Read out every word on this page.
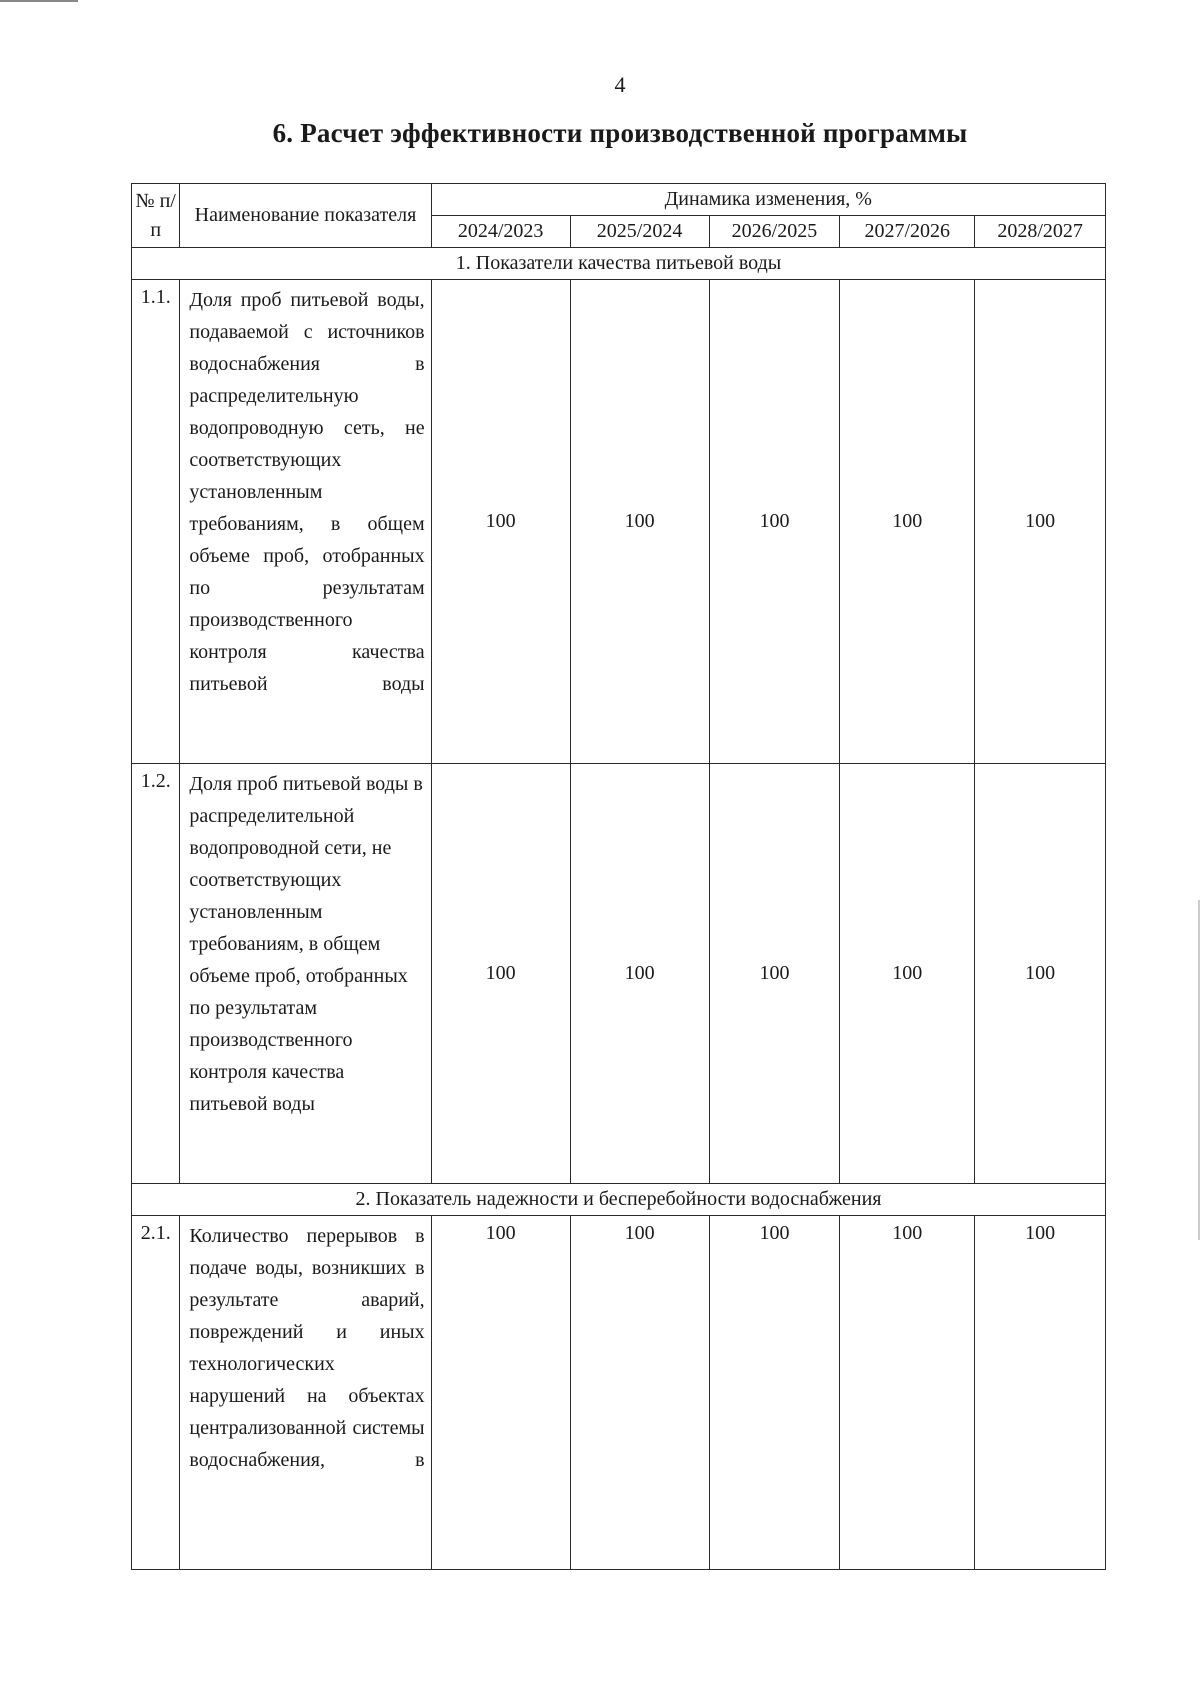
4
6. Расчет эффективности производственной программы
№ п/п	Наименование показателя	Динамика изменения, %				
		2024/2023	2025/2024	2026/2025	2027/2026	2028/2027
1. Показатели качества питьевой воды						
1.1.	Доля проб питьевой воды, подаваемой с источников водоснабжения в распределительную водопроводную сеть, не соответствующих установленным требованиям, в общем объеме проб, отобранных по результатам производственного контроля качества питьевой воды	100	100	100	100	100
1.2.	Доля проб питьевой воды в распределительной водопроводной сети, не соответствующих установленным требованиям, в общем объеме проб, отобранных по результатам производственного контроля качества питьевой воды	100	100	100	100	100
2. Показатель надежности и бесперебойности водоснабжения						
2.1.	Количество перерывов в подаче воды, возникших в результате аварий, повреждений и иных технологических нарушений на объектах централизованной системы водоснабжения, в	100	100	100	100	100
